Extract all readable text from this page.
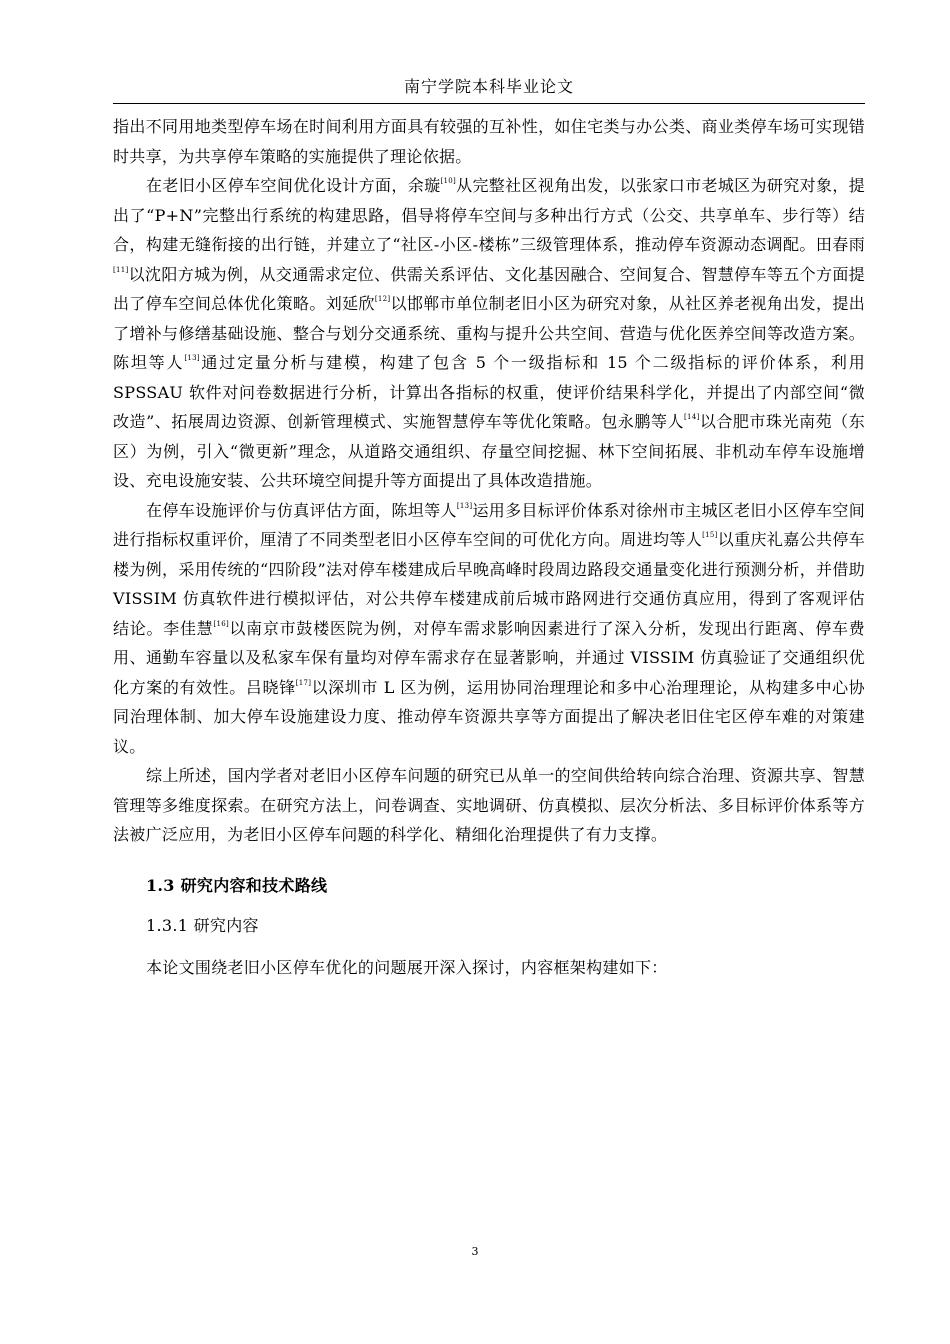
南宁学院本科毕业论文

指出不同用地类型停车场在时间利用方面具有较强的互补性，如住宅类与办公类、商业类停车场可实现错时共享，为共享停车策略的实施提供了理论依据。

在老旧小区停车空间优化设计方面，余璇[10]从完整社区视角出发，以张家口市老城区为研究对象，提出了“P+N”完整出行系统的构建思路，倡导将停车空间与多种出行方式（公交、共享单车、步行等）结合，构建无缝衔接的出行链，并建立了“社区-小区-楼栋”三级管理体系，推动停车资源动态调配。田春雨[11]以沈阳方城为例，从交通需求定位、供需关系评估、文化基因融合、空间复合、智慧停车等五个方面提出了停车空间总体优化策略。刘延欣[12]以邯郸市单位制老旧小区为研究对象，从社区养老视角出发，提出了增补与修缮基础设施、整合与划分交通系统、重构与提升公共空间、营造与优化医养空间等改造方案。陈坦等人[13]通过定量分析与建模，构建了包含 5 个一级指标和 15 个二级指标的评价体系，利用 SPSSAU 软件对问卷数据进行分析，计算出各指标的权重，使评价结果科学化，并提出了内部空间“微改造”、拓展周边资源、创新管理模式、实施智慧停车等优化策略。包永鹏等人[14]以合肥市珠光南苑（东区）为例，引入“微更新”理念，从道路交通组织、存量空间挖掘、林下空间拓展、非机动车停车设施增设、充电设施安装、公共环境空间提升等方面提出了具体改造措施。

在停车设施评价与仿真评估方面，陈坦等人[13]运用多目标评价体系对徐州市主城区老旧小区停车空间进行指标权重评价，厘清了不同类型老旧小区停车空间的可优化方向。周进均等人[15]以重庆礼嘉公共停车楼为例，采用传统的“四阶段”法对停车楼建成后早晚高峰时段周边路段交通量变化进行预测分析，并借助 VISSIM 仿真软件进行模拟评估，对公共停车楼建成前后城市路网进行交通仿真应用，得到了客观评估结论。李佳慧[16]以南京市鼓楼医院为例，对停车需求影响因素进行了深入分析，发现出行距离、停车费用、通勤车容量以及私家车保有量均对停车需求存在显著影响，并通过 VISSIM 仿真验证了交通组织优化方案的有效性。吕晓锋[17]以深圳市 L 区为例，运用协同治理理论和多中心治理理论，从构建多中心协同治理体制、加大停车设施建设力度、推动停车资源共享等方面提出了解决老旧住宅区停车难的对策建议。

综上所述，国内学者对老旧小区停车问题的研究已从单一的空间供给转向综合治理、资源共享、智慧管理等多维度探索。在研究方法上，问卷调查、实地调研、仿真模拟、层次分析法、多目标评价体系等方法被广泛应用，为老旧小区停车问题的科学化、精细化治理提供了有力支撑。

1.3 研究内容和技术路线

1.3.1 研究内容

本论文围绕老旧小区停车优化的问题展开深入探讨，内容框架构建如下：

3
